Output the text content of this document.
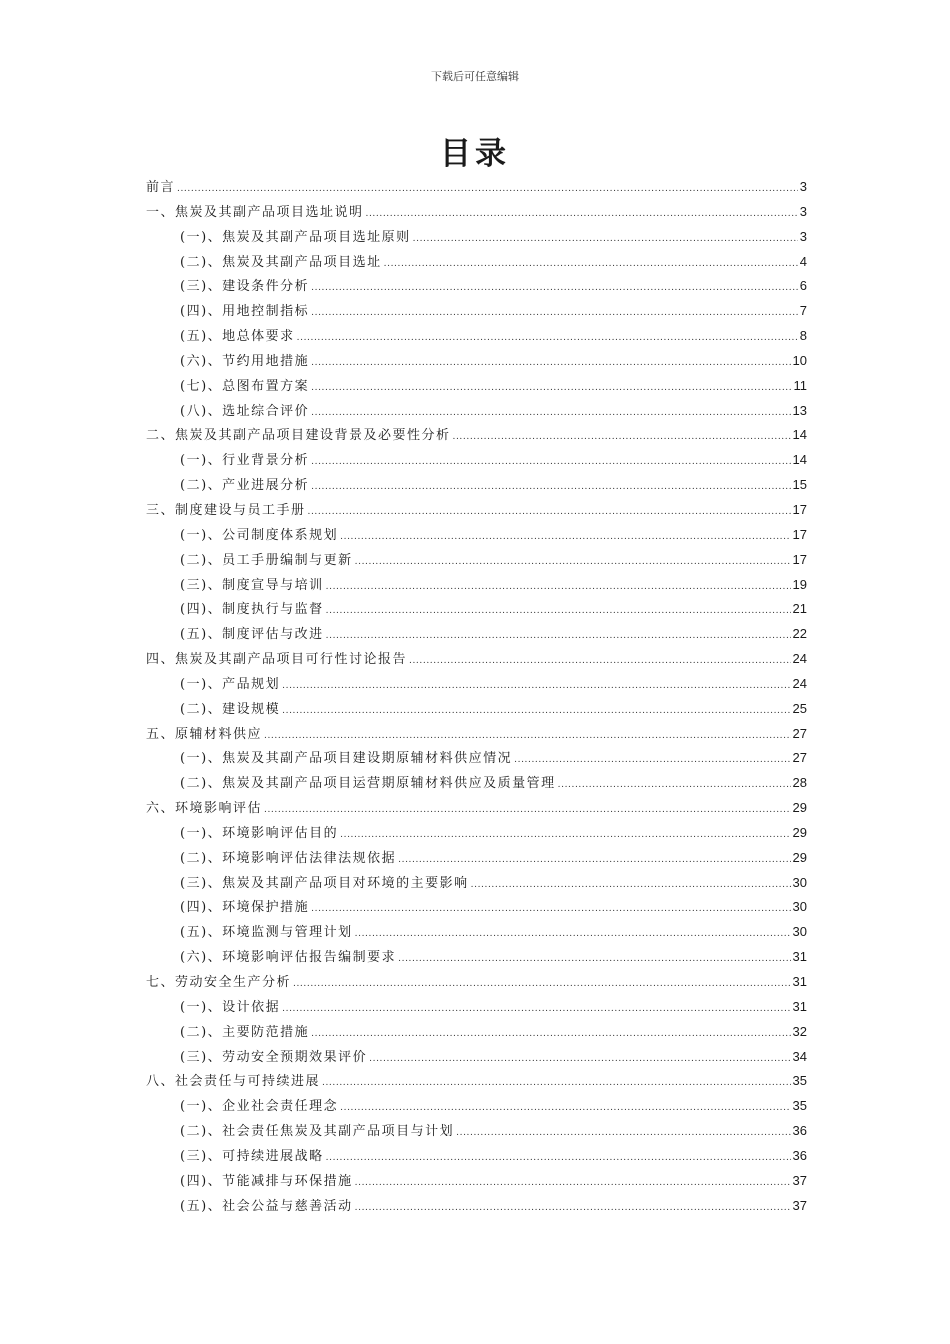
下载后可任意编辑
目录
前言 .....	3
一、焦炭及其副产品项目选址说明 .....	3
(一)、焦炭及其副产品项目选址原则 .....	3
(二)、焦炭及其副产品项目选址 .....	4
(三)、建设条件分析 .....	6
(四)、用地控制指标 .....	7
(五)、地总体要求 .....	8
(六)、节约用地措施 .....	10
(七)、总图布置方案 .....	11
(八)、选址综合评价 .....	13
二、焦炭及其副产品项目建设背景及必要性分析 .....	14
(一)、行业背景分析 .....	14
(二)、产业进展分析 .....	15
三、制度建设与员工手册 .....	17
(一)、公司制度体系规划 .....	17
(二)、员工手册编制与更新 .....	17
(三)、制度宣导与培训 .....	19
(四)、制度执行与监督 .....	21
(五)、制度评估与改进 .....	22
四、焦炭及其副产品项目可行性讨论报告 .....	24
(一)、产品规划 .....	24
(二)、建设规模 .....	25
五、原辅材料供应 .....	27
(一)、焦炭及其副产品项目建设期原辅材料供应情况 .....	27
(二)、焦炭及其副产品项目运营期原辅材料供应及质量管理 .....	28
六、环境影响评估 .....	29
(一)、环境影响评估目的 .....	29
(二)、环境影响评估法律法规依据 .....	29
(三)、焦炭及其副产品项目对环境的主要影响 .....	30
(四)、环境保护措施 .....	30
(五)、环境监测与管理计划 .....	30
(六)、环境影响评估报告编制要求 .....	31
七、劳动安全生产分析 .....	31
(一)、设计依据 .....	31
(二)、主要防范措施 .....	32
(三)、劳动安全预期效果评价 .....	34
八、社会责任与可持续进展 .....	35
(一)、企业社会责任理念 .....	35
(二)、社会责任焦炭及其副产品项目与计划 .....	36
(三)、可持续进展战略 .....	36
(四)、节能减排与环保措施 .....	37
(五)、社会公益与慈善活动 .....	37
